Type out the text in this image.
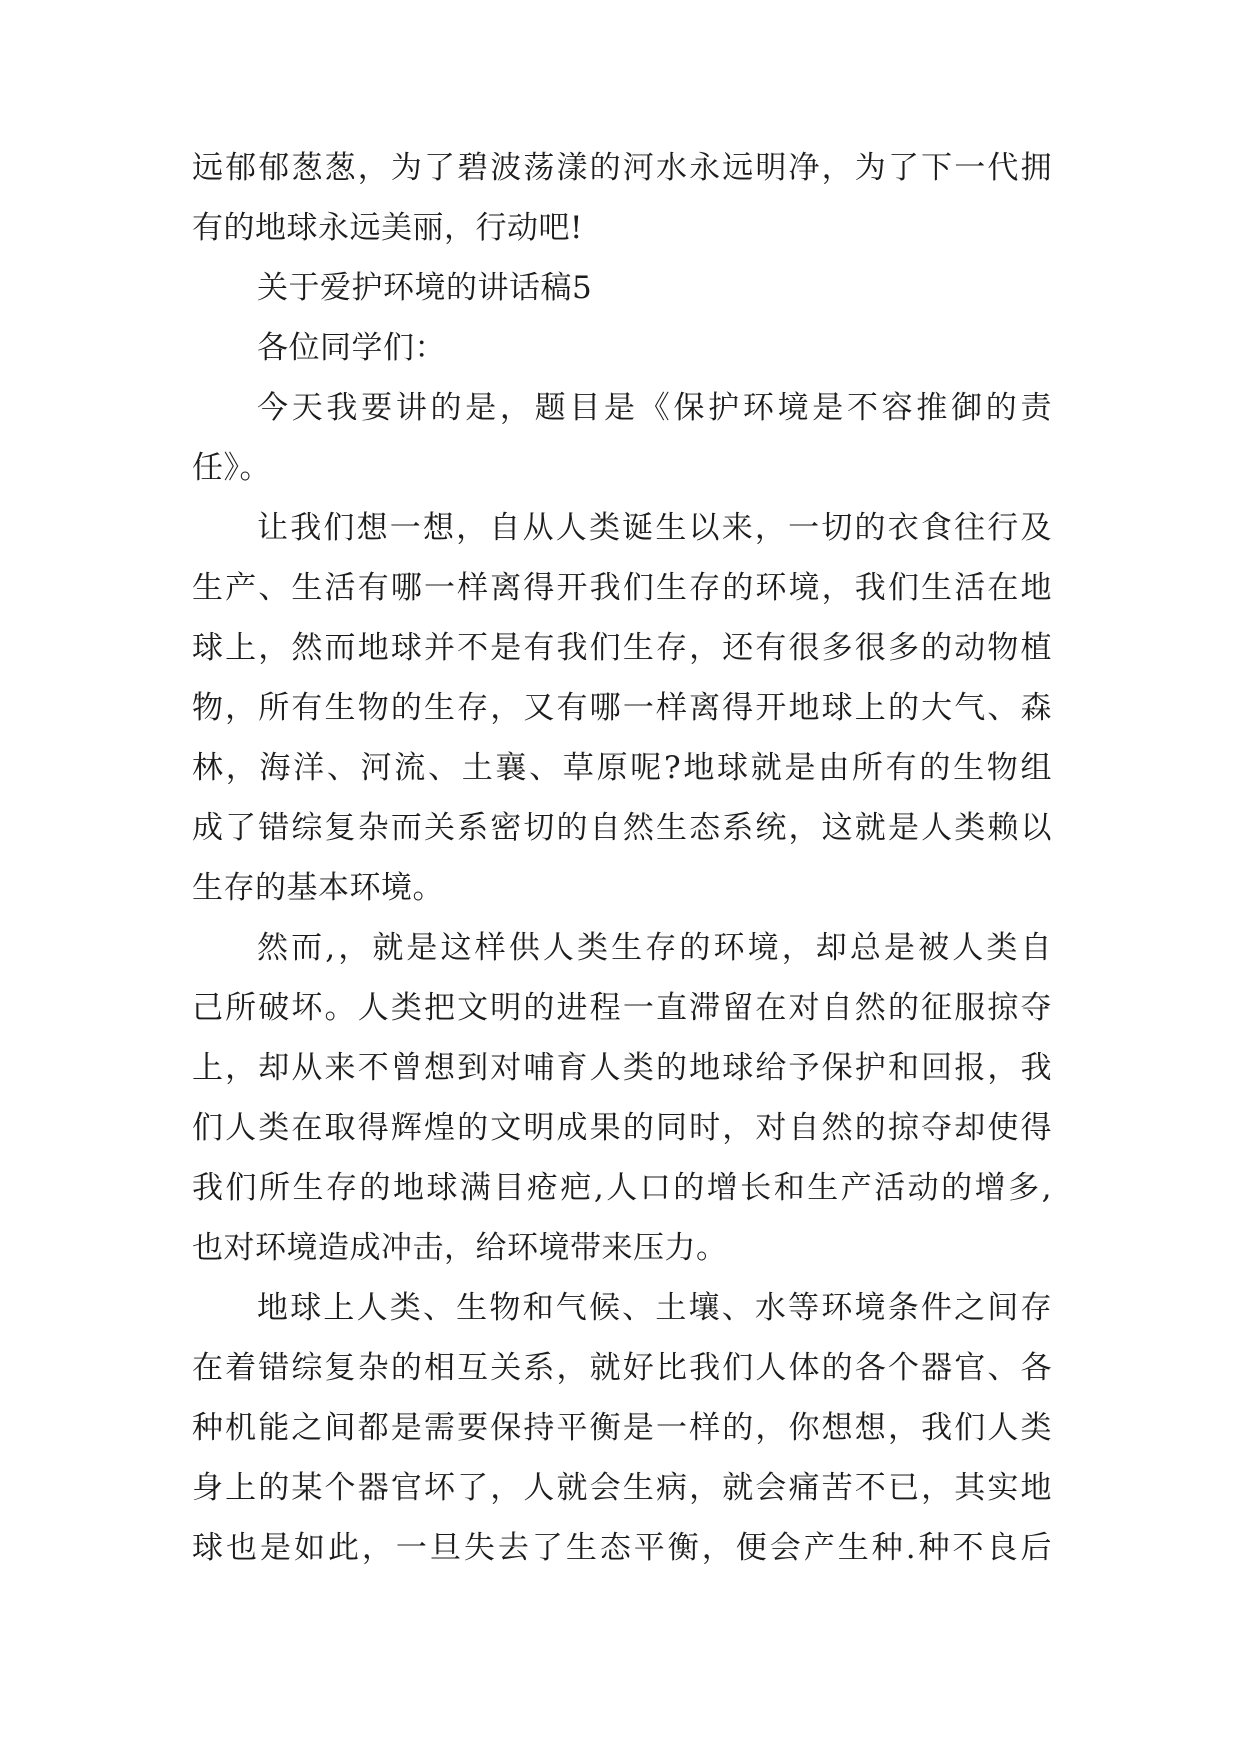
远郁郁葱葱，为了碧波荡漾的河水永远明净，为了下一代拥
有的地球永远美丽，行动吧!
关于爱护环境的讲话稿5
各位同学们：
今天我要讲的是，题目是《保护环境是不容推御的责
任》。
让我们想一想，自从人类诞生以来，一切的衣食往行及
生产、生活有哪一样离得开我们生存的环境，我们生活在地
球上，然而地球并不是有我们生存，还有很多很多的动物植
物，所有生物的生存，又有哪一样离得开地球上的大气、森
林，海洋、河流、土襄、草原呢?地球就是由所有的生物组
成了错综复杂而关系密切的自然生态系统，这就是人类赖以
生存的基本环境。
然而,，就是这样供人类生存的环境，却总是被人类自
己所破坏。人类把文明的进程一直滞留在对自然的征服掠夺
上，却从来不曾想到对哺育人类的地球给予保护和回报，我
们人类在取得辉煌的文明成果的同时，对自然的掠夺却使得
我们所生存的地球满目疮疤,人口的增长和生产活动的增多,
也对环境造成冲击，给环境带来压力。
地球上人类、生物和气候、土壤、水等环境条件之间存
在着错综复杂的相互关系，就好比我们人体的各个器官、各
种机能之间都是需要保持平衡是一样的，你想想，我们人类
身上的某个器官坏了，人就会生病，就会痛苦不已，其实地
球也是如此，一旦失去了生态平衡，便会产生种.种不良后
